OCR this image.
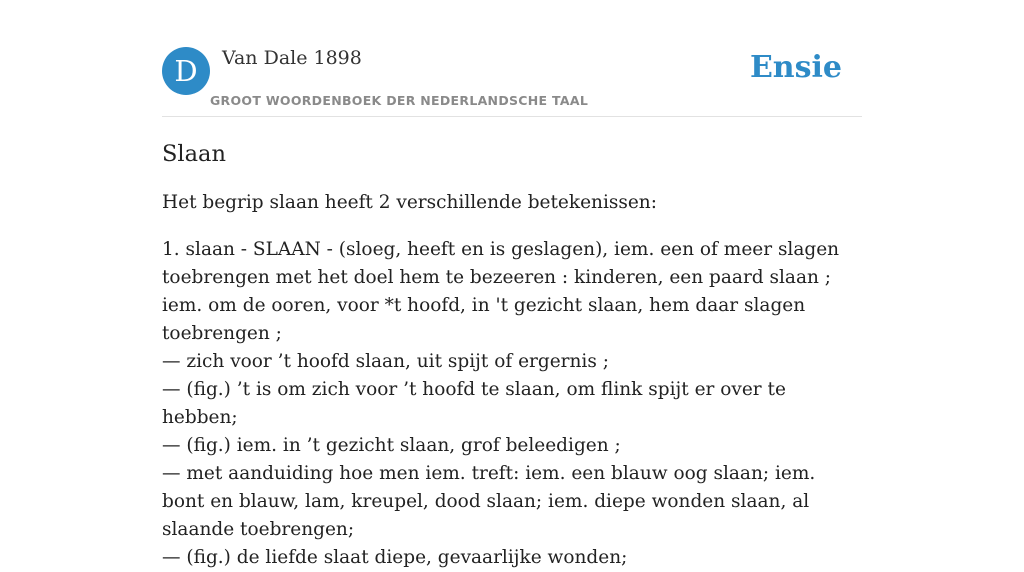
D	Van Dale 1898
GROOT WOORDENBOEK DER NEDERLANDSCHE TAAL
Ensie
Slaan

Het begrip slaan heeft 2 verschillende betekenissen:

1. slaan - SLAAN - (sloeg, heeft en is geslagen), iem. een of meer slagen toebrengen met het doel hem te bezeeren : kinderen, een paard slaan ; iem. om de ooren, voor *t hoofd, in 't gezicht slaan, hem daar slagen toebrengen ;
— zich voor ’t hoofd slaan, uit spijt of ergernis ;
— (fig.) ’t is om zich voor ’t hoofd te slaan, om flink spijt er over te hebben;
— (fig.) iem. in ’t gezicht slaan, grof beleedigen ;
— met aanduiding hoe men iem. treft: iem. een blauw oog slaan; iem. bont en blauw, lam, kreupel, dood slaan; iem. diepe wonden slaan, al slaande toebrengen;
— (fig.) de liefde slaat diepe, gevaarlijke wonden;
